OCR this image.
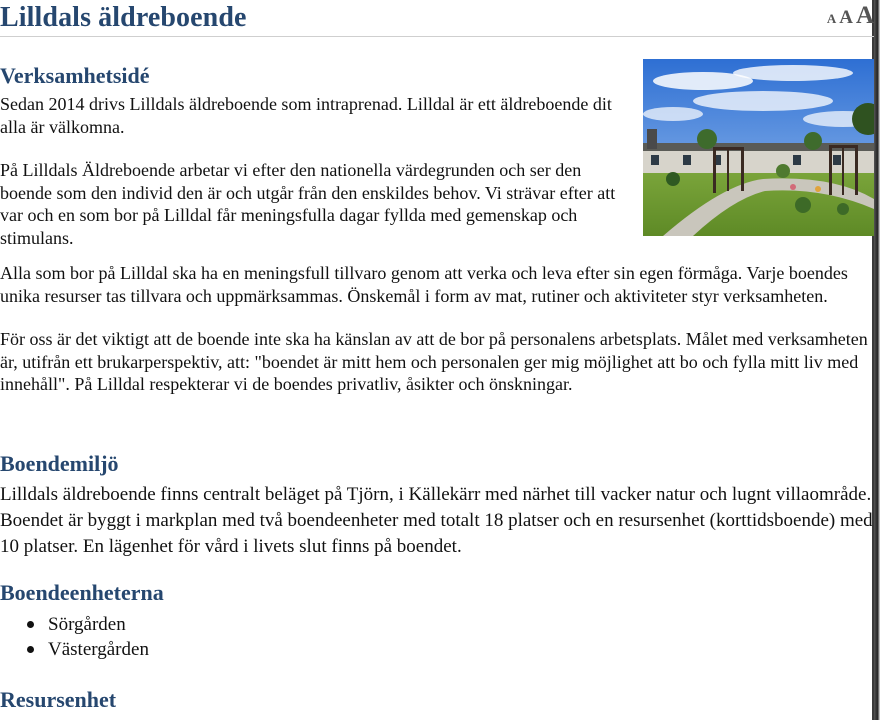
Lilldals äldreboende	A A A
Verksamhetsidé

Sedan 2014 drivs Lilldals äldreboende som intraprenad. Lilldal är ett äldreboende dit alla är välkomna.

På Lilldals Äldreboende arbetar vi efter den nationella värdegrunden och ser den boende som den individ den är och utgår från den enskildes behov. Vi strävar efter att var och en som bor på Lilldal får meningsfulla dagar fyllda med gemenskap och stimulans.

Alla som bor på Lilldal ska ha en meningsfull tillvaro genom att verka och leva efter sin egen förmåga. Varje boendes unika resurser tas tillvara och uppmärksammas. Önskemål i form av mat, rutiner och aktiviteter styr verksamheten.

För oss är det viktigt att de boende inte ska ha känslan av att de bor på personalens arbetsplats. Målet med verksamheten är, utifrån ett brukarperspektiv, att: "boendet är mitt hem och personalen ger mig möjlighet att bo och fylla mitt liv med innehåll". På Lilldal respekterar vi de boendes privatliv, åsikter och önskningar.

Boendemiljö

Lilldals äldreboende finns centralt beläget på Tjörn, i Källekärr med närhet till vacker natur och lugnt villaområde. Boendet är byggt i markplan med två boendeenheter med totalt 18 platser och en resursenhet (korttidsboende) med 10 platser. En lägenhet för vård i livets slut finns på boendet.

Boendeenheterna
Sörgården
Västergården
Resursenhet
